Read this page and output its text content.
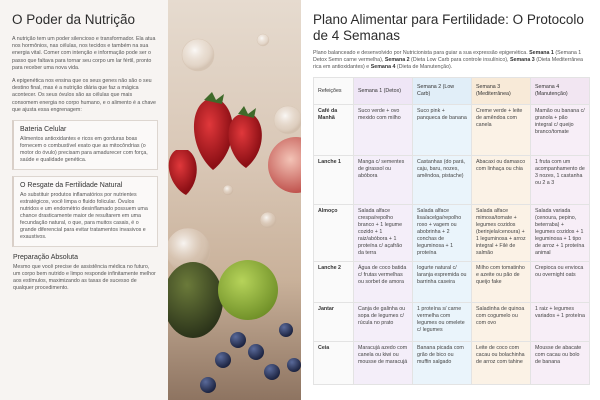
O Poder da Nutrição

A nutrição tem um poder silencioso e transformador. Ela atua nos hormônios, nas células, nos tecidos e também na sua energia vital. Comer com intenção e informação pode ser o passo que faltava para tornar seu corpo um lar fértil, pronto para receber uma nova vida.

A epigenética nos ensina que os seus genes não são o seu destino final, mas é a nutrição diária que faz a mágica acontecer. Os seus óvulos são as células que mais consomem energia no corpo humano, e o alimento é a chave que ajusta essa engrenagem:

Bateria Celular
Alimentos antioxidantes e ricos em gorduras boas fornecem o combustível exato que as mitocôndrias (o motor do óvulo) precisam para amadurecer com força, saúde e qualidade genética.
O Resgate da Fertilidade Natural
Ao substituir produtos inflamatórios por nutrientes estratégicos, você limpa o fluido folicular. Óvulos nutridos e um endométrio desinflamado possuem uma chance drasticamente maior de resultarem em uma fecundação natural, o que, para muitos casais, é o grande diferencial para evitar tratamentos invasivos e exaustivos.
Preparação Absoluta
Mesmo que você precise de assistência médica no futuro, um corpo bem nutrido e limpo responde infinitamente melhor aos estímulos, maximizando as taxas de sucesso de qualquer procedimento.
Plano Alimentar para Fertilidade: O Protocolo de 4 Semanas
Plano balanceado e desenvolvido por Nutricionista para guiar a sua expressão epigenética. Semana 1 (Semana 1 Detox Semn carne vermelha), Semana 2 (Dieta Low Carb para controle insulínico), Semana 3 (Dieta Mediterrânea rica em antioxidantes) e Semana 4 (Dieta de Manutenção).
Refeições	Semana 1 (Detox)	Semana 2 (Low Carb)	Semana 3 (Mediterrânea)	Semana 4 (Manutenção)
Café da Manhã	Suco verde + ovo mexido com milho	Suco pink + panqueca de banana	Creme verde + leite de amêndoa com canela	Mamão ou banana c/ granola + pão integral c/ queijo branco/tomate
Lanche 1	Manga c/ sementes de girassol ou abóbora	Castanhas (do pará, caju, baru, nozes, amêndoa, pistache)	Abacaxi ou damasco com linhaça ou chia	1 fruta com um acompanhamento de 3 nozes, 1 castanha ou 2 a 3
Almoço	Salada alface crespa/repolho branco + 1 legume cozido + 1 raiz/abóbora + 1 proteína c/ açafrão da terra	Salada alface lisa/acelga/repolho roxo + vagem ou abobrinha + 2 conchas de leguminosa + 1 proteína	Salada alface mimosa/tomate + legumes cozidos (berinjela/cenoura) + 1 leguminosa + arroz integral + Filé de salmão	Salada variada (cenoura, pepino, beterraba) + legumes cozidos + 1 leguminosa + 1 tipo de arroz + 1 proteína animal
Lanche 2	Água de coco batida c/ frutas vermelhas ou sorbet de amora	Iogurte natural c/ laranja espremida ou barrinha caseira	Milho com tomatinho e azeite ou pão de queijo fake	Crepioca ou envioca ou overnight oats
Jantar	Canja de galinha ou sopa de legumes c/ rúcula no prato	1 proteína s/ carne vermelha com legumes ou omelete c/ legumes	Saladinha de quinoa com cogumelo ou com ovo	1 raiz + legumes variados + 1 proteína
Ceia	Maracujá azedo com canela ou kiwi ou mousse de maracujá	Banana picada com grão de bico ou muffin salgado	Leite de coco com cacau ou bolachinha de arroz com tahine	Mousse de abacate com cacau ou bolo de banana
